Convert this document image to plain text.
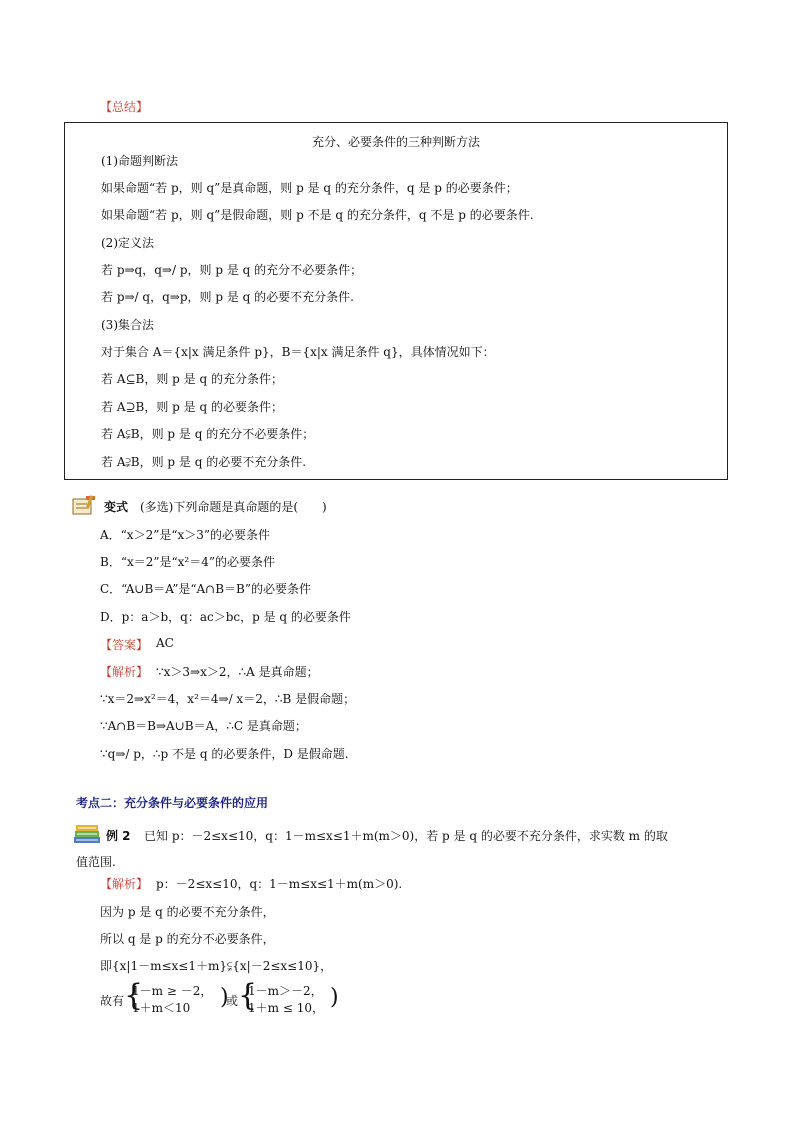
【总结】
充分、必要条件的三种判断方法
(1)命题判断法
如果命题“若 p，则 q”是真命题，则 p 是 q 的充分条件，q 是 p 的必要条件；
如果命题“若 p，则 q”是假命题，则 p 不是 q 的充分条件，q 不是 p 的必要条件.
(2)定义法
若 p⇒q，q⇒/ p，则 p 是 q 的充分不必要条件；
若 p⇒/ q，q⇒p，则 p 是 q 的必要不充分条件.
(3)集合法
对于集合 A＝{x|x 满足条件 p}，B＝{x|x 满足条件 q}，具体情况如下：
若 A⊆B，则 p 是 q 的充分条件；
若 A⊇B，则 p 是 q 的必要条件；
若 A⫋B，则 p 是 q 的充分不必要条件；
若 A⫌B，则 p 是 q 的必要不充分条件.
变式 (多选)下列命题是真命题的是(　　)
A．“x＞2”是“x＞3”的必要条件
B．“x＝2”是“x²＝4”的必要条件
C．“A∪B＝A”是“A∩B＝B”的必要条件
D．p：a＞b，q：ac＞bc，p 是 q 的必要条件
【答案】 AC
【解析】 ∵x＞3⇒x＞2，∴A 是真命题；
∵x＝2⇒x²＝4，x²＝4⇒/ x＝2，∴B 是假命题；
∵A∩B＝B⇒A∪B＝A，∴C 是真命题；
∵q⇒/ p，∴p 不是 q 的必要条件，D 是假命题.
考点二：充分条件与必要条件的应用
例 2 已知 p：－2≤x≤10，q：1－m≤x≤1＋m(m＞0)，若 p 是 q 的必要不充分条件，求实数 m 的取
值范围.
【解析】 p：－2≤x≤10，q：1－m≤x≤1＋m(m＞0).
因为 p 是 q 的必要不充分条件，
所以 q 是 p 的充分不必要条件，
即{x|1－m≤x≤1＋m}⫋{x|－2≤x≤10}，
故有 {
1－m ≥ －2，
1＋m＜10 )
或 {
1－m＞－2，
1＋m ≤ 10， )
